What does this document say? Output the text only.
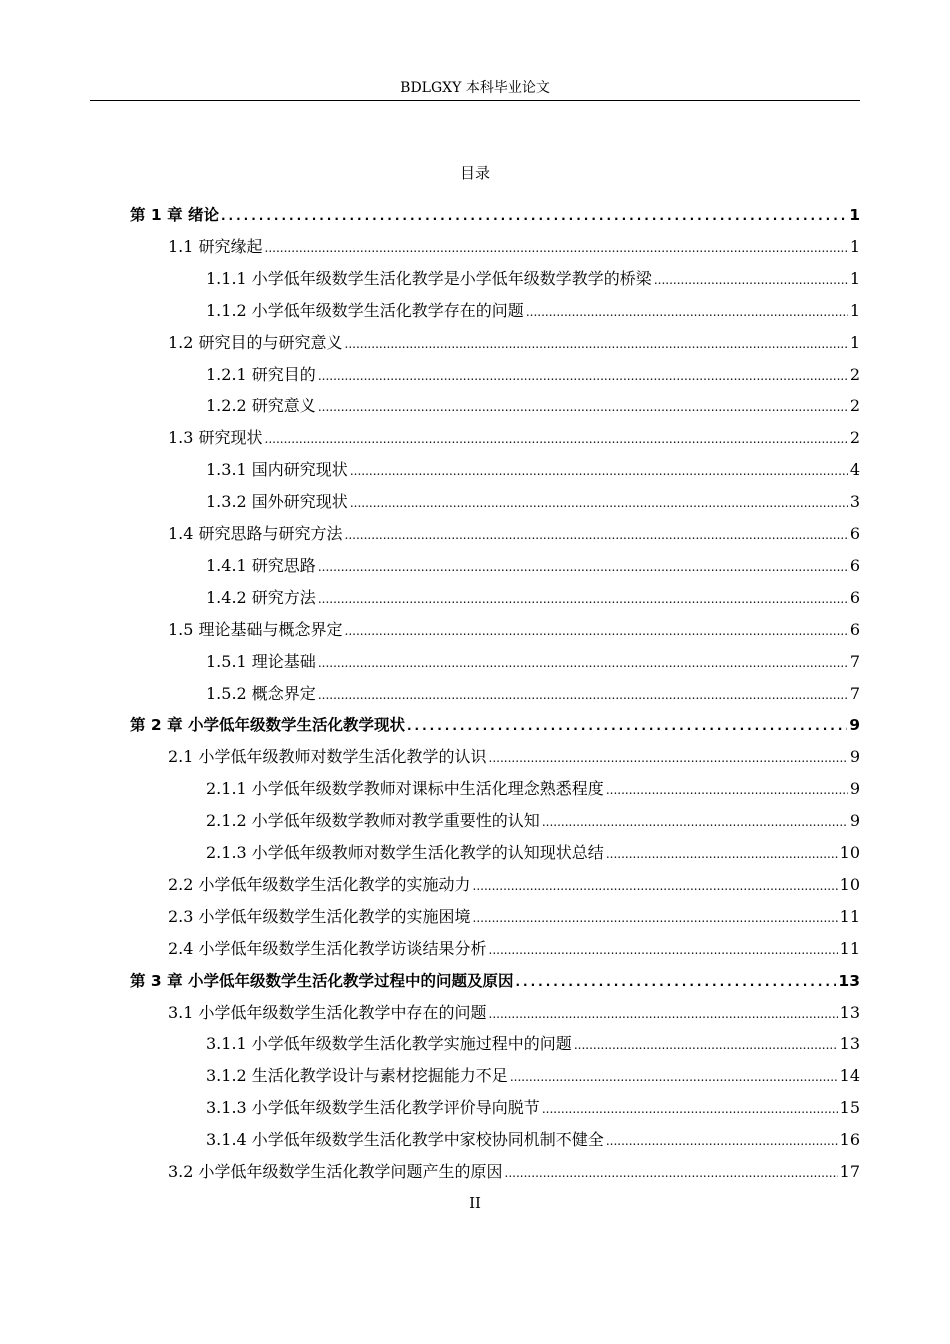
BDLGXY 本科毕业论文
目录
第 1 章 绪论 .....	1
1.1 研究缘起 .....	1
1.1.1 小学低年级数学生活化教学是小学低年级数学教学的桥梁 .....	1
1.1.2 小学低年级数学生活化教学存在的问题 .....	1
1.2 研究目的与研究意义 .....	1
1.2.1 研究目的 .....	2
1.2.2 研究意义 .....	2
1.3 研究现状 .....	2
1.3.1 国内研究现状 .....	4
1.3.2 国外研究现状 .....	3
1.4 研究思路与研究方法 .....	6
1.4.1 研究思路 .....	6
1.4.2 研究方法 .....	6
1.5 理论基础与概念界定 .....	6
1.5.1 理论基础 .....	7
1.5.2 概念界定 .....	7
第 2 章 小学低年级数学生活化教学现状 .....	9
2.1 小学低年级教师对数学生活化教学的认识 .....	9
2.1.1 小学低年级数学教师对课标中生活化理念熟悉程度 .....	9
2.1.2 小学低年级数学教师对教学重要性的认知 .....	9
2.1.3 小学低年级教师对数学生活化教学的认知现状总结 .....	10
2.2 小学低年级数学生活化教学的实施动力 .....	10
2.3 小学低年级数学生活化教学的实施困境 .....	11
2.4 小学低年级数学生活化教学访谈结果分析 .....	11
第 3 章 小学低年级数学生活化教学过程中的问题及原因 .....	13
3.1 小学低年级数学生活化教学中存在的问题 .....	13
3.1.1 小学低年级数学生活化教学实施过程中的问题 .....	13
3.1.2 生活化教学设计与素材挖掘能力不足 .....	14
3.1.3 小学低年级数学生活化教学评价导向脱节 .....	15
3.1.4 小学低年级数学生活化教学中家校协同机制不健全 .....	16
3.2 小学低年级数学生活化教学问题产生的原因 .....	17
II
